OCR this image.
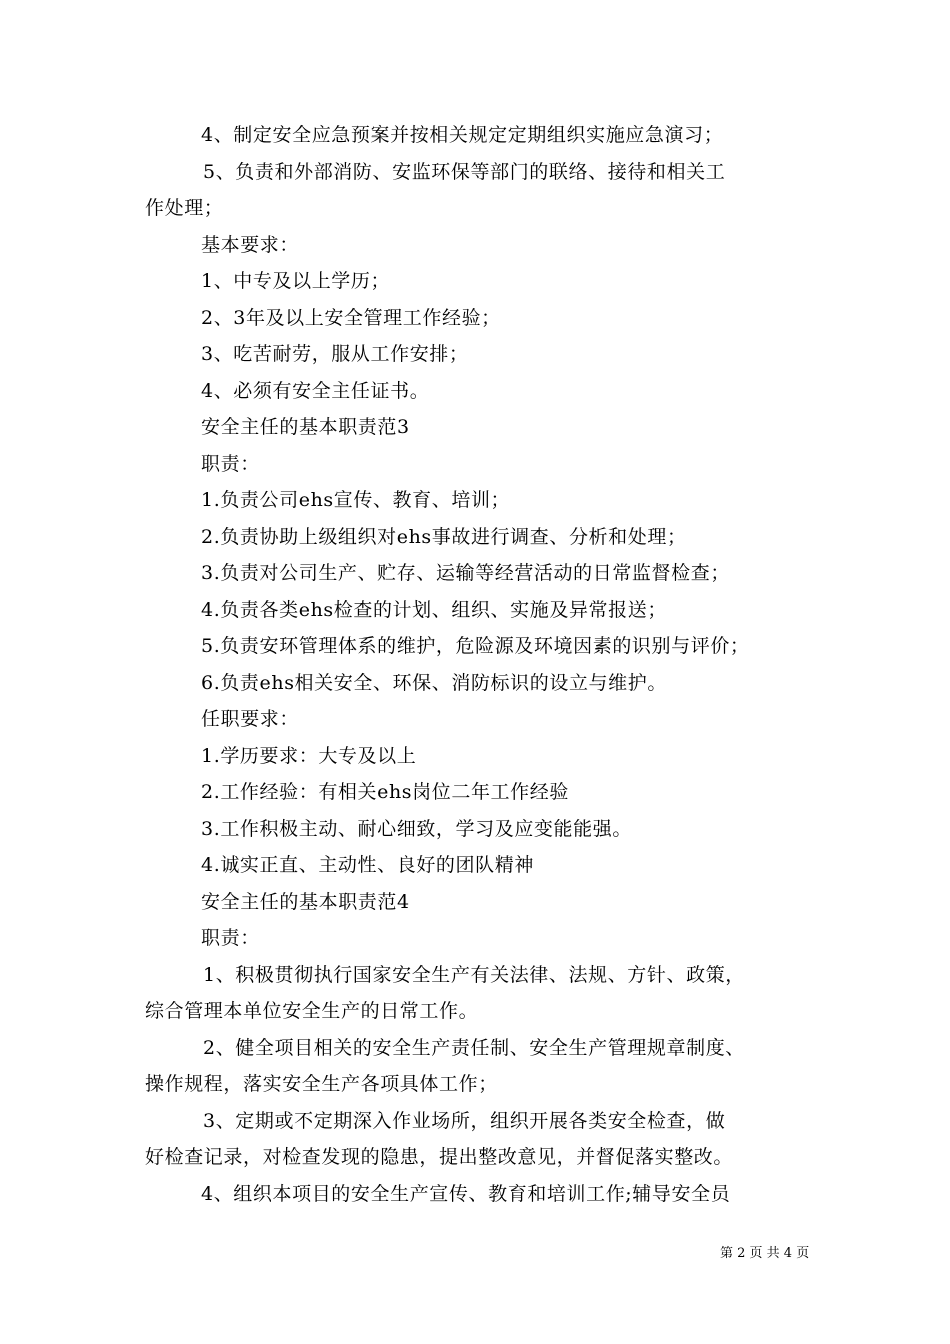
4、制定安全应急预案并按相关规定定期组织实施应急演习；

5、负责和外部消防、安监环保等部门的联络、接待和相关工

作处理；

基本要求：

1、中专及以上学历；

2、3年及以上安全管理工作经验；

3、吃苦耐劳，服从工作安排；

4、必须有安全主任证书。

安全主任的基本职责范3

职责：

1.负责公司ehs宣传、教育、培训；

2.负责协助上级组织对ehs事故进行调查、分析和处理；

3.负责对公司生产、贮存、运输等经营活动的日常监督检查；

4.负责各类ehs检查的计划、组织、实施及异常报送；

5.负责安环管理体系的维护，危险源及环境因素的识别与评价；

6.负责ehs相关安全、环保、消防标识的设立与维护。

任职要求：

1.学历要求：大专及以上

2.工作经验：有相关ehs岗位二年工作经验

3.工作积极主动、耐心细致，学习及应变能能强。

4.诚实正直、主动性、良好的团队精神

安全主任的基本职责范4

职责：

1、积极贯彻执行国家安全生产有关法律、法规、方针、政策，

综合管理本单位安全生产的日常工作。

2、健全项目相关的安全生产责任制、安全生产管理规章制度、

操作规程，落实安全生产各项具体工作；

3、定期或不定期深入作业场所，组织开展各类安全检查，做

好检查记录，对检查发现的隐患，提出整改意见，并督促落实整改。

4、组织本项目的安全生产宣传、教育和培训工作;辅导安全员

第 2 页 共 4 页
